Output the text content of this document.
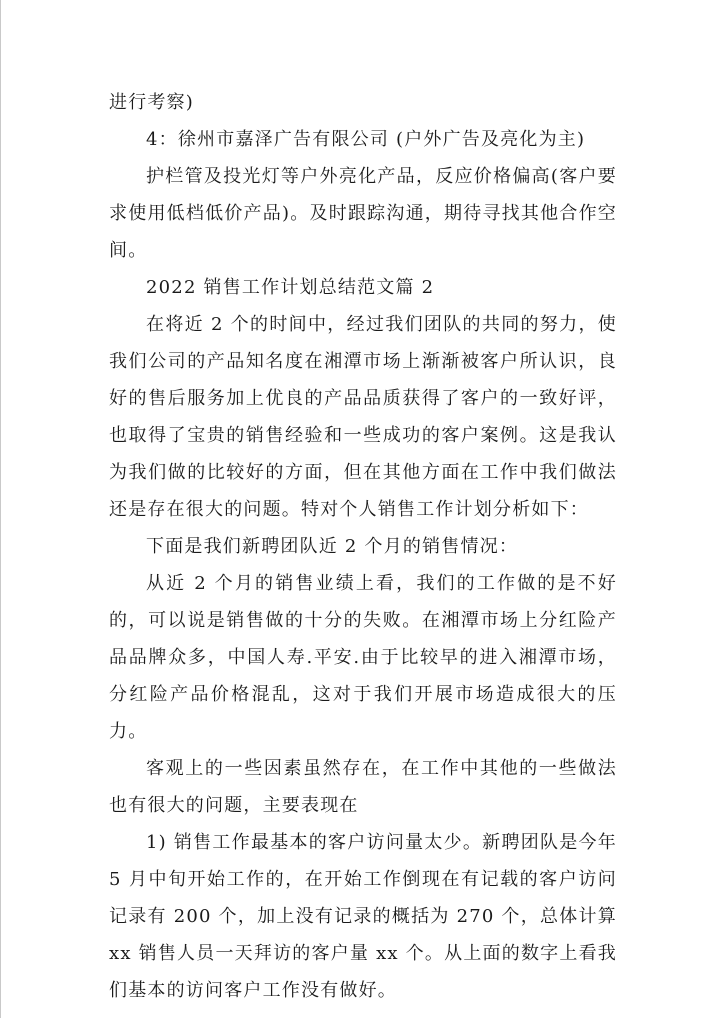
进行考察)

4：徐州市嘉泽广告有限公司 (户外广告及亮化为主)

护栏管及投光灯等户外亮化产品，反应价格偏高(客户要求使用低档低价产品)。及时跟踪沟通，期待寻找其他合作空间。

2022 销售工作计划总结范文篇 2

在将近 2 个的时间中，经过我们团队的共同的努力，使我们公司的产品知名度在湘潭市场上渐渐被客户所认识，良好的售后服务加上优良的产品品质获得了客户的一致好评，也取得了宝贵的销售经验和一些成功的客户案例。这是我认为我们做的比较好的方面，但在其他方面在工作中我们做法还是存在很大的问题。特对个人销售工作计划分析如下：

下面是我们新聘团队近 2 个月的销售情况：

从近 2 个月的销售业绩上看，我们的工作做的是不好的，可以说是销售做的十分的失败。在湘潭市场上分红险产品品牌众多，中国人寿.平安.由于比较早的进入湘潭市场，分红险产品价格混乱，这对于我们开展市场造成很大的压力。

客观上的一些因素虽然存在，在工作中其他的一些做法也有很大的问题，主要表现在

1) 销售工作最基本的客户访问量太少。新聘团队是今年 5 月中旬开始工作的，在开始工作倒现在有记载的客户访问记录有 200 个，加上没有记录的概括为 270 个，总体计算 xx 销售人员一天拜访的客户量 xx 个。从上面的数字上看我们基本的访问客户工作没有做好。
